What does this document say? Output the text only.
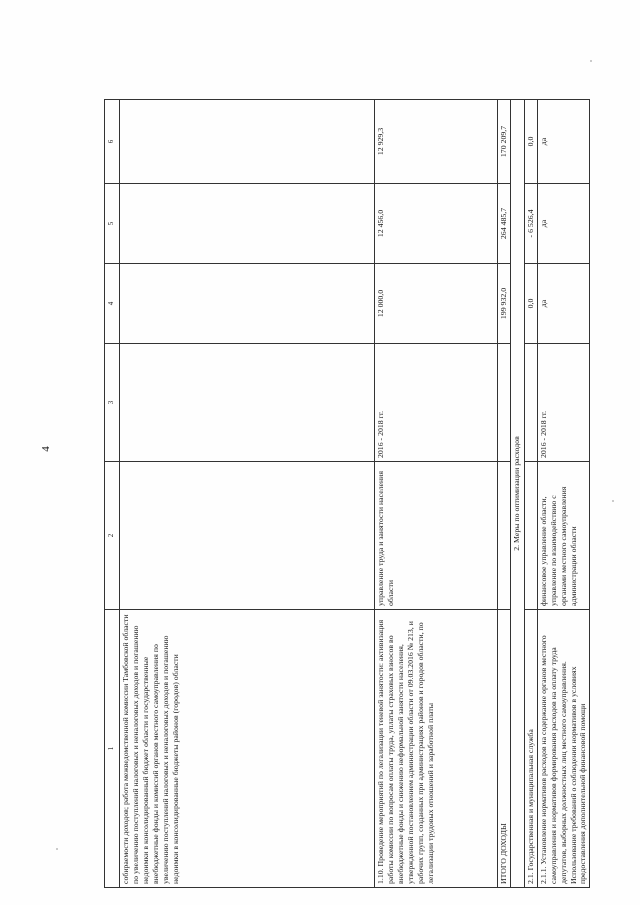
4
1	2	3	4	5	6
собираемости доходов; работа межведомственной комиссии Тамбовской области по увеличению поступлений налоговых и неналоговых доходов и погашению недоимки в консолидированный бюджет области и государственные внебюджетные фонды и комиссий органов местного самоуправления по увеличению поступлений налоговых и неналоговых доходов и погашению недоимки в консолидированные бюджеты районов (городов) области					
1.10. Проведение мероприятий по легализации теневой занятости: активизация работы комиссии по вопросам оплаты труда, уплаты страховых взносов во внебюджетные фонды и снижению неформальной занятости населения, утвержденной постановлением администрации области от 09.03.2016 № 213, и рабочих групп, созданных при администрациях районов и городов области, по легализации трудовых отношений и заработной платы	управление труда и занятости населения области	2016 - 2018 гг.	12 000,0	12 456,0	12 929,3
ИТОГО ДОХОДЫ			199 932,0	264 485,7	170 209,7
2. Меры по оптимизации расходов					
2.1. Государственная и муниципальная служба			0,0	- 6 526,4	0,0
2.1.1. Установление нормативов расходов на содержание органов местного самоуправления и нормативов формирования расходов на оплату труда депутатов, выборных должностных лиц местного самоуправления. Использование требований о соблюдении нормативов в условиях предоставления дополнительной финансовой помощи	финансовое управление области, управление по взаимодействию с органами местного самоуправления администрации области	2016 - 2018 гг.	да	да	да
